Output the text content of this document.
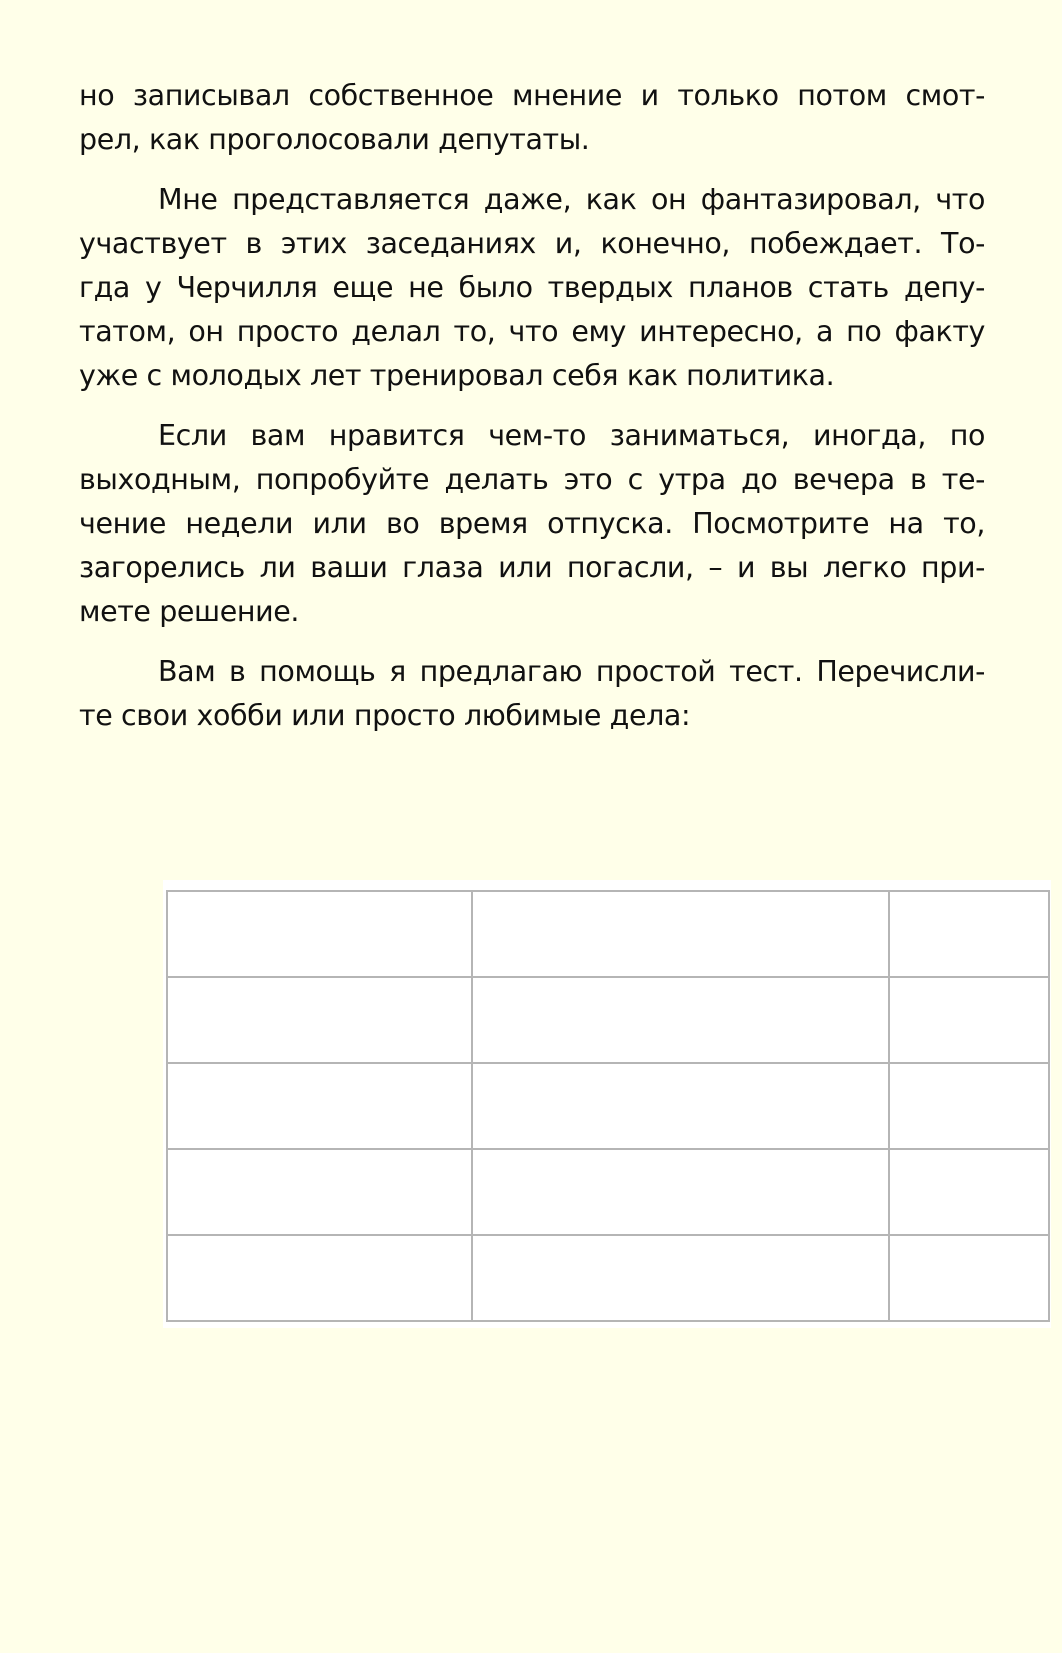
но записывал собственное мнение и только потом смот-
рел, как проголосовали депутаты.

Мне представляется даже, как он фантазировал, что
участвует в этих заседаниях и, конечно, побеждает. То-
гда у Черчилля еще не было твердых планов стать депу-
татом, он просто делал то, что ему интересно, а по факту
уже с молодых лет тренировал себя как политика.

Если вам нравится чем-то заниматься, иногда, по
выходным, попробуйте делать это с утра до вечера в те-
чение недели или во время отпуска. Посмотрите на то,
загорелись ли ваши глаза или погасли, – и вы легко при-
мете решение.

Вам в помощь я предлагаю простой тест. Перечисли-
те свои хобби или просто любимые дела:
